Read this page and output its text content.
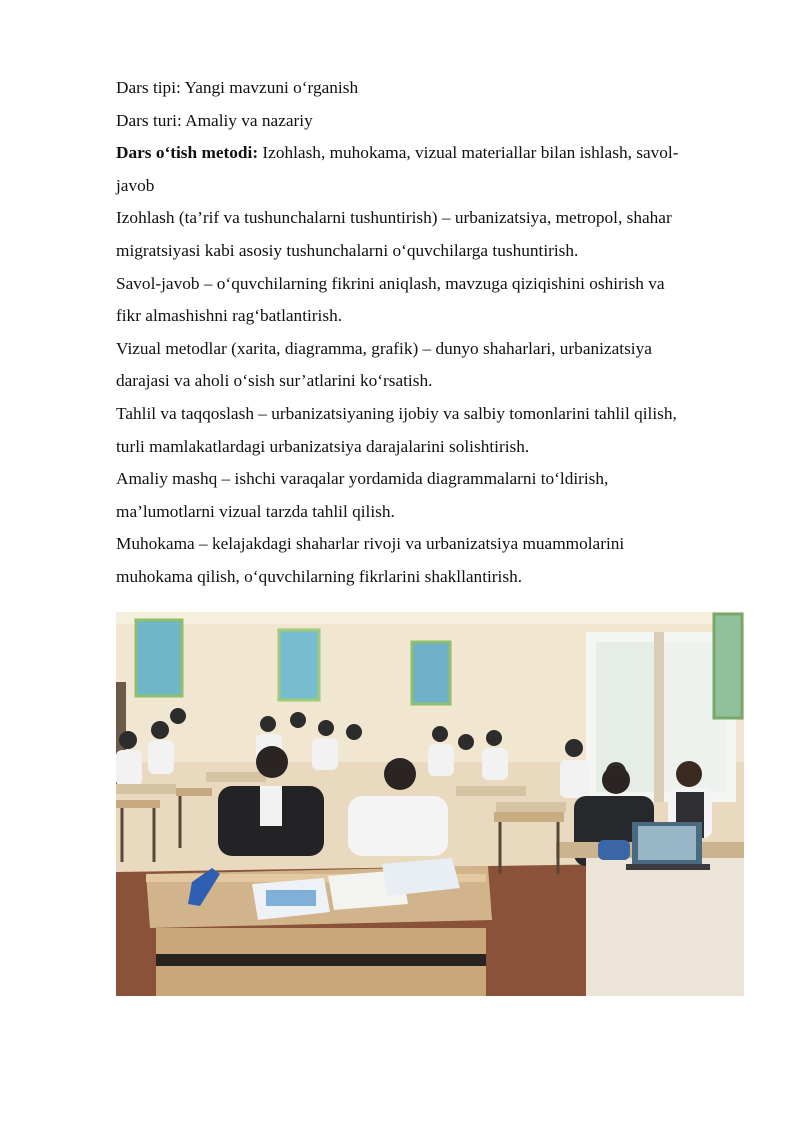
Dars tipi: Yangi mavzuni o‘rganish
Dars turi: Amaliy va nazariy
Dars o‘tish metodi: Izohlash, muhokama, vizual materiallar bilan ishlash, savol-
javob
Izohlash (ta’rif va tushunchalarni tushuntirish) – urbanizatsiya, metropol, shahar
migratsiyasi kabi asosiy tushunchalarni o‘quvchilarga tushuntirish.
Savol-javob – o‘quvchilarning fikrini aniqlash, mavzuga qiziqishini oshirish va
fikr almashishni rag‘batlantirish.
Vizual metodlar (xarita, diagramma, grafik) – dunyo shaharlari, urbanizatsiya
darajasi va aholi o‘sish sur’atlarini ko‘rsatish.
Tahlil va taqqoslash – urbanizatsiyaning ijobiy va salbiy tomonlarini tahlil qilish,
turli mamlakatlardagi urbanizatsiya darajalarini solishtirish.
Amaliy mashq – ishchi varaqalar yordamida diagrammalarni to‘ldirish,
ma’lumotlarni vizual tarzda tahlil qilish.
Muhokama – kelajakdagi shaharlar rivoji va urbanizatsiya muammolarini
muhokama qilish, o‘quvchilarning fikrlarini shakllantirish.
